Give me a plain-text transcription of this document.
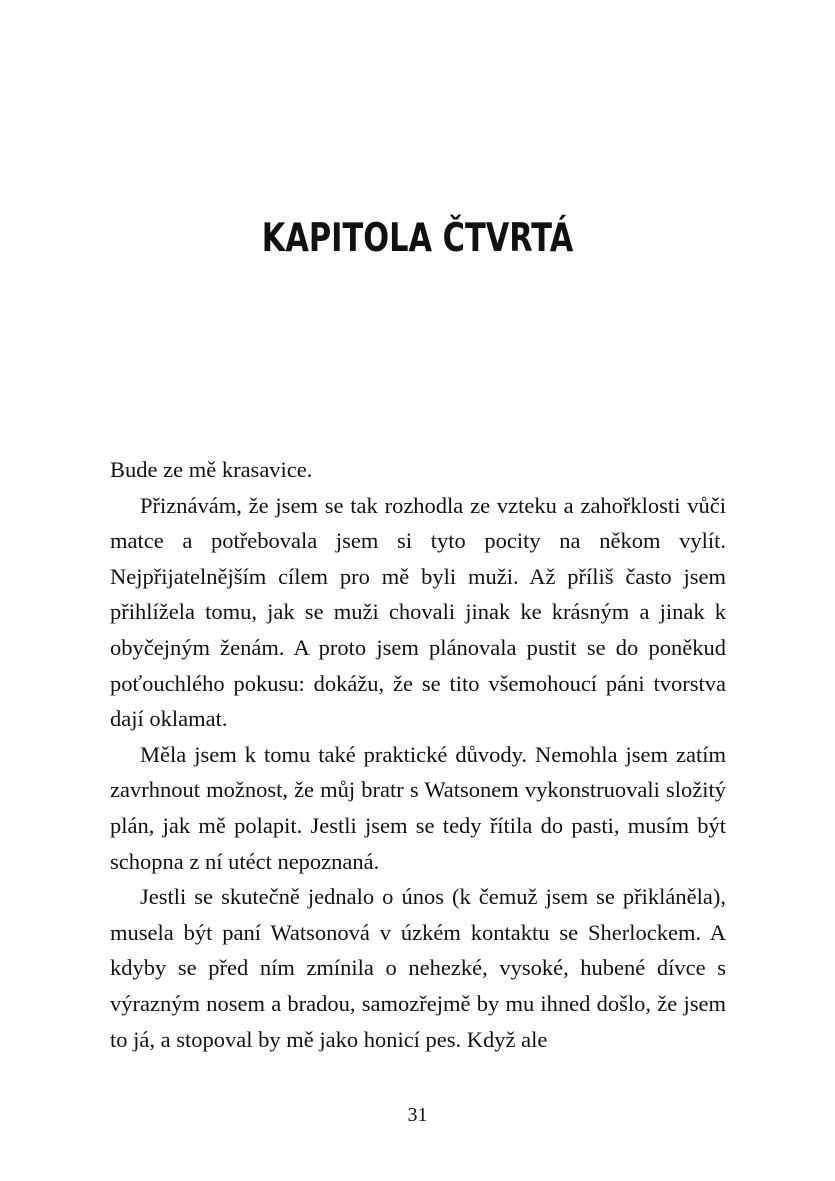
KAPITOLA ČTVRTÁ

Bude ze mě krasavice.

Přiznávám, že jsem se tak rozhodla ze vzteku a zahořklosti vůči matce a potřebovala jsem si tyto pocity na někom vylít. Nejpřijatelnějším cílem pro mě byli muži. Až příliš často jsem přihlížela tomu, jak se muži chovali jinak ke krásným a jinak k obyčejným ženám. A proto jsem plánovala pustit se do poněkud poťouchlého pokusu: dokážu, že se tito všemohoucí páni tvorstva dají oklamat.

Měla jsem k tomu také praktické důvody. Nemohla jsem zatím zavrhnout možnost, že můj bratr s Watsonem vykonstruovali složitý plán, jak mě polapit. Jestli jsem se tedy řítila do pasti, musím být schopna z ní utéct nepoznaná.

Jestli se skutečně jednalo o únos (k čemuž jsem se přikláněla), musela být paní Watsonová v úzkém kontaktu se Sherlockem. A kdyby se před ním zmínila o nehezké, vysoké, hubené dívce s výrazným nosem a bradou, samozřejmě by mu ihned došlo, že jsem to já, a stopoval by mě jako honicí pes. Když ale

31
